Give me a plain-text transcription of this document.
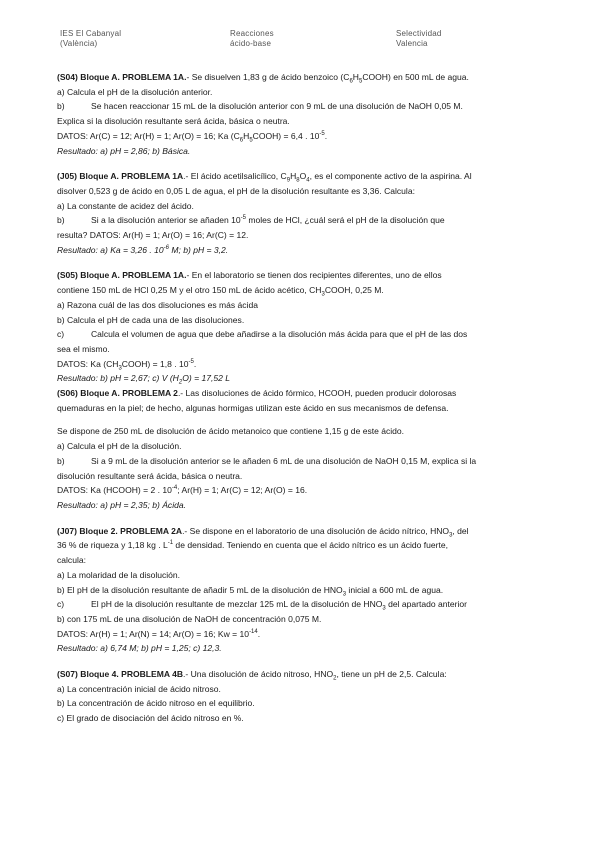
IES El Cabanyal
(València)
Reacciones
ácido-base
Selectividad
Valencia

(S04) Bloque A. PROBLEMA 1A.- Se disuelven 1,83 g de ácido benzoico $(C_6H_5COOH)$ en 500 mL de agua.

a) Calcula el pH de la disolución anterior.

b)	Se hacen reaccionar 15 mL de la disolución anterior con 9 mL de una disolución de NaOH 0,05 M.

Explica si la disolución resultante será ácida, básica o neutra.

DATOS: Ar(C) = 12; Ar(H) = 1; Ar(O) = 16; Ka $(C_6H_5COOH) = 6,4$ . $10^{-5}$.

Resultado: a) pH = 2,86; b) Básica.

(J05) Bloque A. PROBLEMA 1A.- El ácido acetilsalicílico, $C_9H_8O_4$, es el componente activo de la aspirina. Al

disolver 0,523 g de ácido en 0,05 L de agua, el pH de la disolución resultante es 3,36. Calcula:

a) La constante de acidez del ácido.

b)	Si a la disolución anterior se añaden $10^{-5}$ moles de HCl, ¿cuál será el pH de la disolución que

resulta? DATOS: Ar(H) = 1; Ar(O) = 16; Ar(C) = 12.

Resultado: a) Ka = 3,26 . $10^{-6}$ M; b) pH = 3,2.

(S05) Bloque A. PROBLEMA 1A.- En el laboratorio se tienen dos recipientes diferentes, uno de ellos

contiene 150 mL de HCl 0,25 M y el otro 150 mL de ácido acético, $CH_3COOH$, 0,25 M.

a) Razona cuál de las dos disoluciones es más ácida

b) Calcula el pH de cada una de las disoluciones.

c)	Calcula el volumen de agua que debe añadirse a la disolución más ácida para que el pH de las dos

sea el mismo.

DATOS: Ka $(CH_3COOH) = 1,8$ . $10^{-5}$.

Resultado: b) pH = 2,67; c) V $(H_2O) = 17,52$ L

(S06) Bloque A. PROBLEMA 2.- Las disoluciones de ácido fórmico, HCOOH, pueden producir dolorosas

quemaduras en la piel; de hecho, algunas hormigas utilizan este ácido en sus mecanismos de defensa.

Se dispone de 250 mL de disolución de ácido metanoico que contiene 1,15 g de este ácido.

a) Calcula el pH de la disolución.

b)	Si a 9 mL de la disolución anterior se le añaden 6 mL de una disolución de NaOH 0,15 M, explica si la

disolución resultante será ácida, básica o neutra.

DATOS: Ka (HCOOH) = 2 . $10^{-4}$; Ar(H) = 1; Ar(C) = 12; Ar(O) = 16.

Resultado: a) pH = 2,35; b) Ácida.

(J07) Bloque 2. PROBLEMA 2A.- Se dispone en el laboratorio de una disolución de ácido nítrico, $HNO_3$, del

36 % de riqueza y 1,18 kg . $L^{-1}$ de densidad. Teniendo en cuenta que el ácido nítrico es un ácido fuerte,

calcula:

a) La molaridad de la disolución.

b) El pH de la disolución resultante de añadir 5 mL de la disolución de $HNO_3$ inicial a 600 mL de agua.

c)	El pH de la disolución resultante de mezclar 125 mL de la disolución de $HNO_3$ del apartado anterior

b) con 175 mL de una disolución de NaOH de concentración 0,075 M.

DATOS: Ar(H) = 1; Ar(N) = 14; Ar(O) = 16; $Kw = 10^{-14}$.

Resultado: a) 6,74 M; b) pH = 1,25; c) 12,3.

(S07) Bloque 4. PROBLEMA 4B.- Una disolución de ácido nitroso, $HNO_2$, tiene un pH de 2,5. Calcula:

a) La concentración inicial de ácido nitroso.

b) La concentración de ácido nitroso en el equilibrio.

c) El grado de disociación del ácido nitroso en %.
